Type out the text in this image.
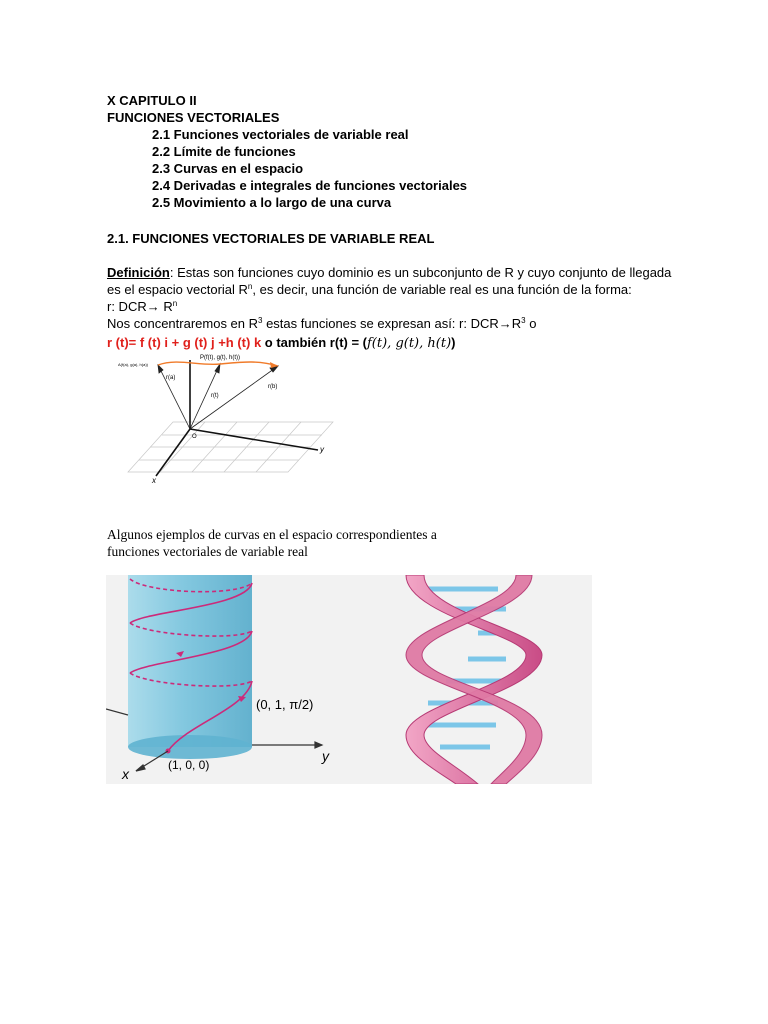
X CAPITULO II
FUNCIONES VECTORIALES
2.1 Funciones vectoriales de variable real
2.2 Límite de funciones
2.3 Curvas en el espacio
2.4 Derivadas e integrales de funciones vectoriales
2.5 Movimiento a lo largo de una curva
2.1. FUNCIONES VECTORIALES DE VARIABLE REAL
Definición: Estas son funciones cuyo dominio es un subconjunto de R y cuyo conjunto de llegada
es el espacio vectorial $R^n$, es decir, una función de variable real es una función de la forma:
r: $DCR\to R^n$
Nos concentraremos en $R^3$ estas funciones se expresan así: r: $DCR\to R^3$ o
r (t)= f (t) i + g (t) j +h (t) k o también r(t) = (f(t), g(t), h(t))
y
x
O
r(a)
r(t)
r(b)
P(f(t), g(t), h(t))
A(f(a), g(a), h(a))
Algunos ejemplos de curvas en el espacio correspondientes a
funciones vectoriales de variable real
y
x
(0, 1, π/2)
(1, 0, 0)
